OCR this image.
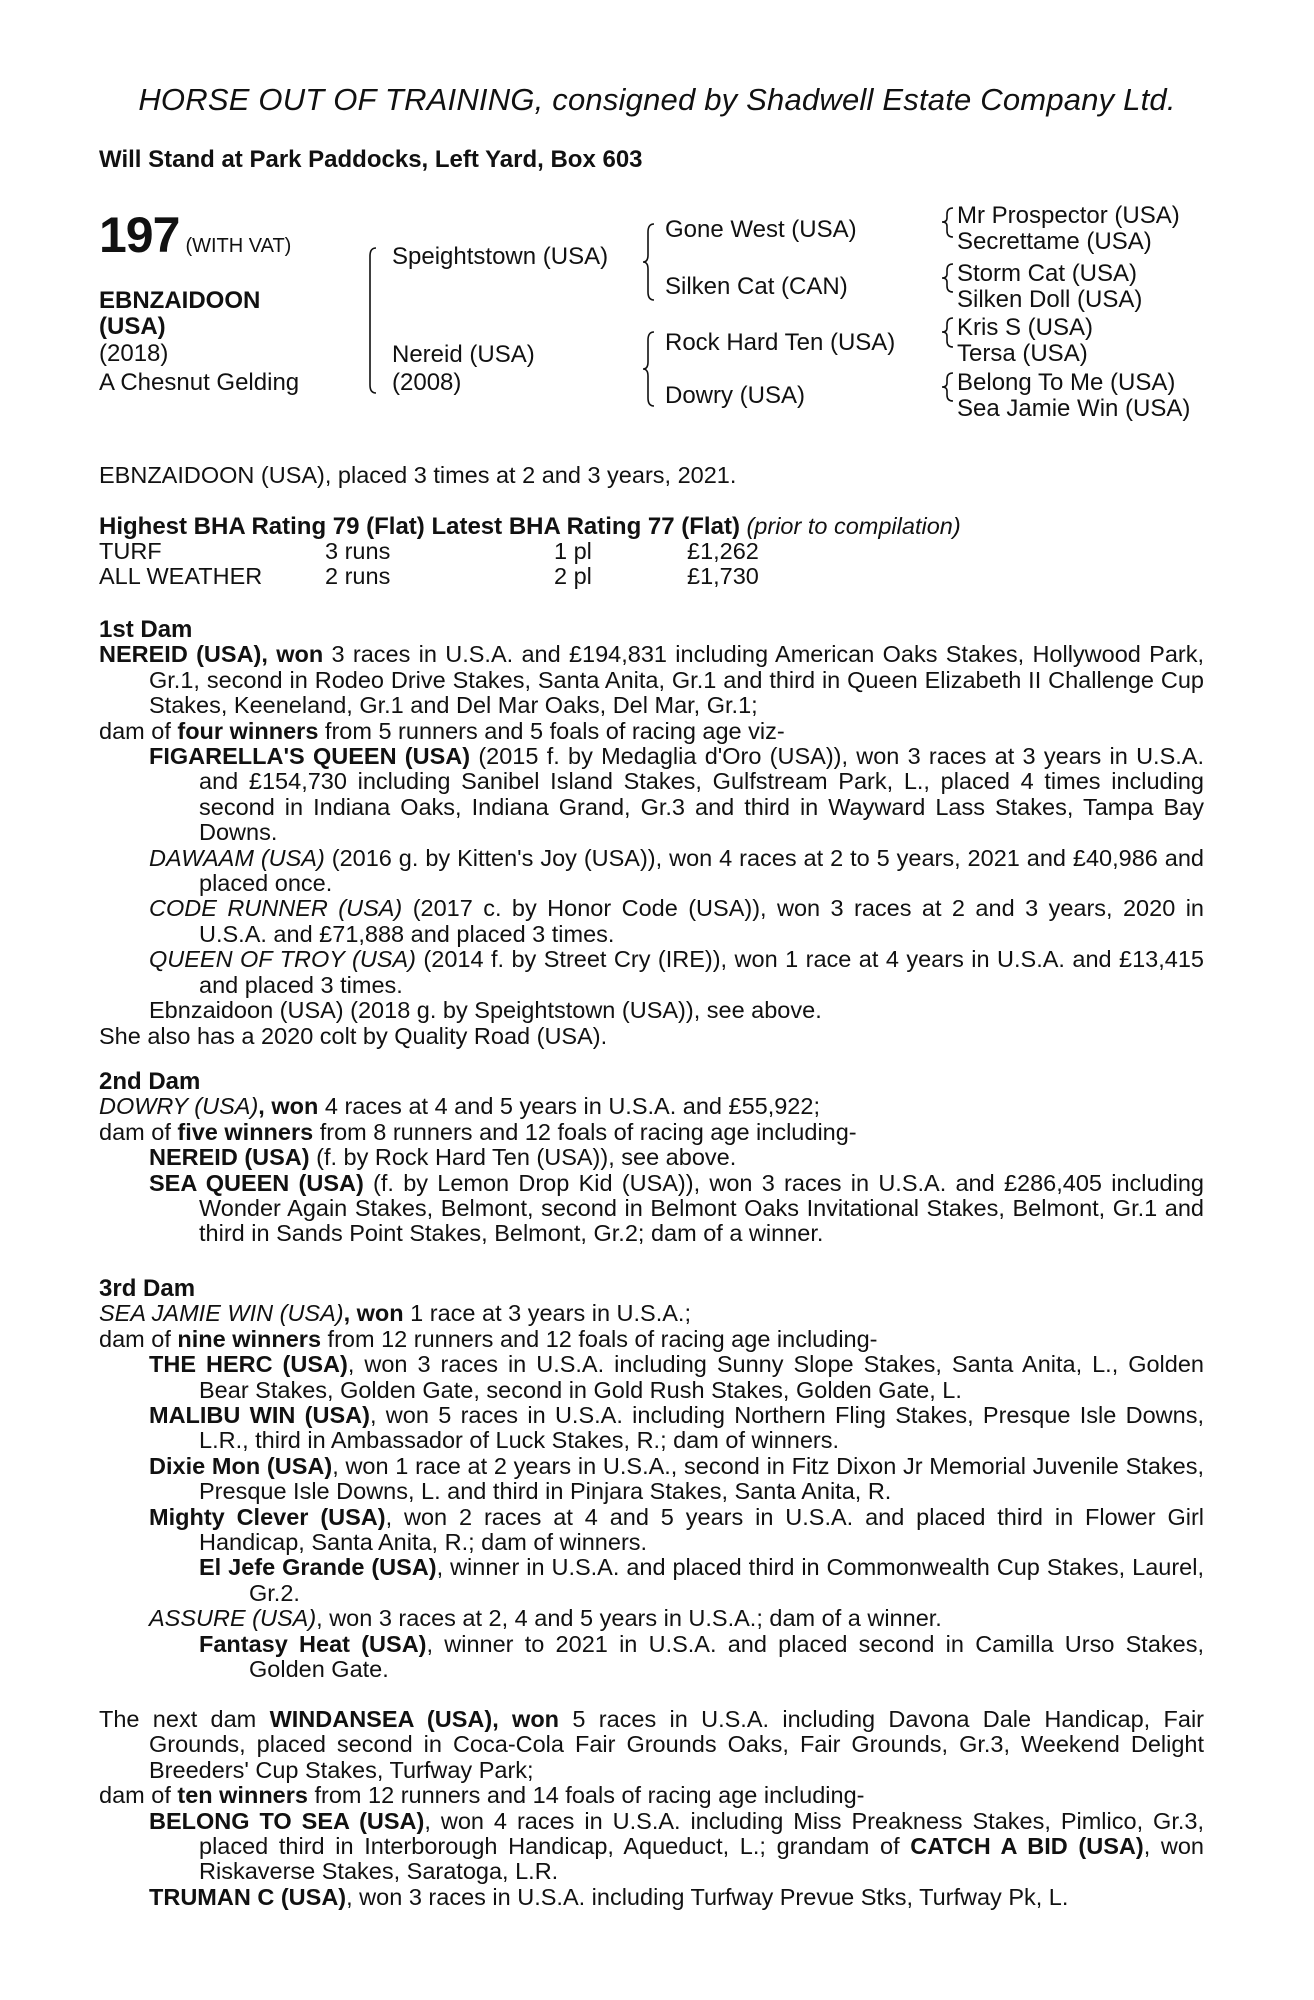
HORSE OUT OF TRAINING, consigned by Shadwell Estate Company Ltd.
Will Stand at Park Paddocks, Left Yard, Box 603
197 (WITH VAT)
EBNZAIDOON
(USA)
(2018)
A Chesnut Gelding
Speightstown (USA)
Nereid (USA)
(2008)
Gone West (USA)
Silken Cat (CAN)
Rock Hard Ten (USA)
Dowry (USA)
Mr Prospector (USA)
Secrettame (USA)
Storm Cat (USA)
Silken Doll (USA)
Kris S (USA)
Tersa (USA)
Belong To Me (USA)
Sea Jamie Win (USA)
EBNZAIDOON (USA), placed 3 times at 2 and 3 years, 2021.
Highest BHA Rating 79 (Flat) Latest BHA Rating 77 (Flat) (prior to compilation)
TURF	3 runs	1 pl	£1,262
ALL WEATHER	2 runs	2 pl	£1,730
1st Dam
NEREID (USA), won 3 races in U.S.A. and £194,831 including American Oaks Stakes, Hollywood Park, Gr.1, second in Rodeo Drive Stakes, Santa Anita, Gr.1 and third in Queen Elizabeth II Challenge Cup Stakes, Keeneland, Gr.1 and Del Mar Oaks, Del Mar, Gr.1;
dam of four winners from 5 runners and 5 foals of racing age viz-
FIGARELLA'S QUEEN (USA) (2015 f. by Medaglia d'Oro (USA)), won 3 races at 3 years in U.S.A. and £154,730 including Sanibel Island Stakes, Gulfstream Park, L., placed 4 times including second in Indiana Oaks, Indiana Grand, Gr.3 and third in Wayward Lass Stakes, Tampa Bay Downs.
DAWAAM (USA) (2016 g. by Kitten's Joy (USA)), won 4 races at 2 to 5 years, 2021 and £40,986 and placed once.
CODE RUNNER (USA) (2017 c. by Honor Code (USA)), won 3 races at 2 and 3 years, 2020 in U.S.A. and £71,888 and placed 3 times.
QUEEN OF TROY (USA) (2014 f. by Street Cry (IRE)), won 1 race at 4 years in U.S.A. and £13,415 and placed 3 times.
Ebnzaidoon (USA) (2018 g. by Speightstown (USA)), see above.
She also has a 2020 colt by Quality Road (USA).
2nd Dam
DOWRY (USA), won 4 races at 4 and 5 years in U.S.A. and £55,922;
dam of five winners from 8 runners and 12 foals of racing age including-
NEREID (USA) (f. by Rock Hard Ten (USA)), see above.
SEA QUEEN (USA) (f. by Lemon Drop Kid (USA)), won 3 races in U.S.A. and £286,405 including Wonder Again Stakes, Belmont, second in Belmont Oaks Invitational Stakes, Belmont, Gr.1 and third in Sands Point Stakes, Belmont, Gr.2; dam of a winner.
3rd Dam
SEA JAMIE WIN (USA), won 1 race at 3 years in U.S.A.;
dam of nine winners from 12 runners and 12 foals of racing age including-
THE HERC (USA), won 3 races in U.S.A. including Sunny Slope Stakes, Santa Anita, L., Golden Bear Stakes, Golden Gate, second in Gold Rush Stakes, Golden Gate, L.
MALIBU WIN (USA), won 5 races in U.S.A. including Northern Fling Stakes, Presque Isle Downs, L.R., third in Ambassador of Luck Stakes, R.; dam of winners.
Dixie Mon (USA), won 1 race at 2 years in U.S.A., second in Fitz Dixon Jr Memorial Juvenile Stakes, Presque Isle Downs, L. and third in Pinjara Stakes, Santa Anita, R.
Mighty Clever (USA), won 2 races at 4 and 5 years in U.S.A. and placed third in Flower Girl Handicap, Santa Anita, R.; dam of winners.
El Jefe Grande (USA), winner in U.S.A. and placed third in Commonwealth Cup Stakes, Laurel, Gr.2.
ASSURE (USA), won 3 races at 2, 4 and 5 years in U.S.A.; dam of a winner.
Fantasy Heat (USA), winner to 2021 in U.S.A. and placed second in Camilla Urso Stakes, Golden Gate.
The next dam WINDANSEA (USA), won 5 races in U.S.A. including Davona Dale Handicap, Fair Grounds, placed second in Coca-Cola Fair Grounds Oaks, Fair Grounds, Gr.3, Weekend Delight Breeders' Cup Stakes, Turfway Park;
dam of ten winners from 12 runners and 14 foals of racing age including-
BELONG TO SEA (USA), won 4 races in U.S.A. including Miss Preakness Stakes, Pimlico, Gr.3, placed third in Interborough Handicap, Aqueduct, L.; grandam of CATCH A BID (USA), won Riskaverse Stakes, Saratoga, L.R.
TRUMAN C (USA), won 3 races in U.S.A. including Turfway Prevue Stks, Turfway Pk, L.
